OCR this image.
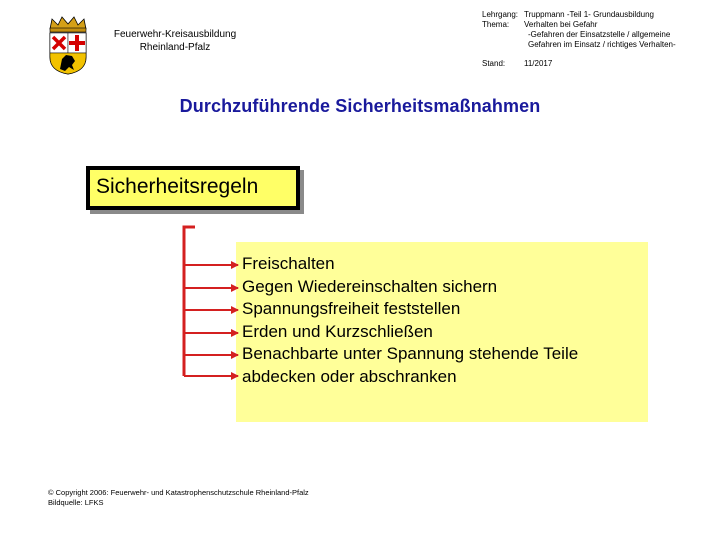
Feuerwehr-Kreisausbildung
Rheinland-Pfalz
Lehrgang: Truppmann -Teil 1- Grundausbildung
Thema: Verhalten bei Gefahr
-Gefahren der Einsatzstelle / allgemeine
Gefahren im Einsatz / richtiges Verhalten-
Stand: 11/2017
Durchzuführende Sicherheitsmaßnahmen
Sicherheitsregeln
Freischalten
Gegen Wiedereinschalten sichern
Spannungsfreiheit feststellen
Erden und Kurzschließen
Benachbarte unter Spannung stehende Teile
abdecken oder abschranken
© Copyright 2006: Feuerwehr- und Katastrophenschutzschule Rheinland-Pfalz
Bildquelle: LFKS
